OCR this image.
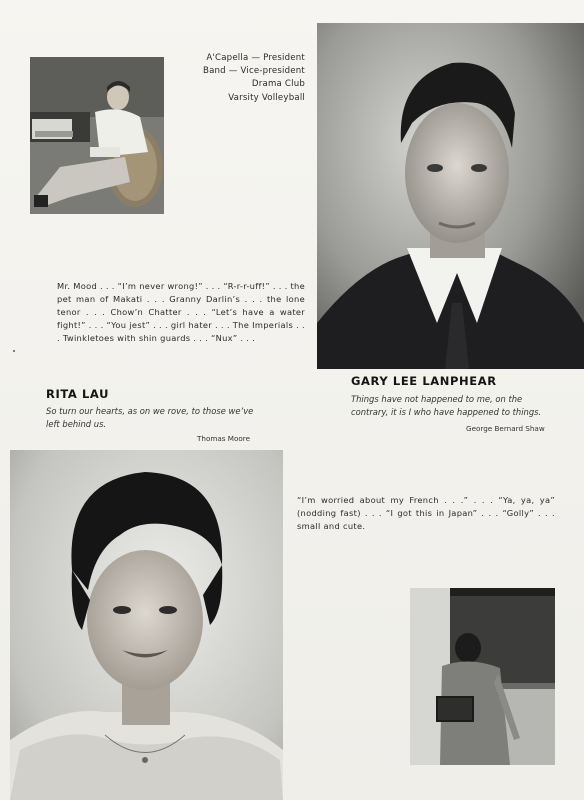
A'Capella — President
Band — Vice-president
Drama Club
Varsity Volleyball
Mr. Mood . . . “I’m never wrong!” . . . “R-r-r-uff!” . . . the pet man of Makati . . . Granny Darlin’s . . . the lone tenor . . . Chow’n Chatter . . . “Let’s have a water fight!” . . . “You jest” . . . girl hater . . . The Imperials . . . Twinkletoes with shin guards . . . “Nux” . . .
GARY LEE LANPHEAR
Things have not happened to me, on the contrary, it is I who have happened to things.
George Bernard Shaw
RITA LAU
So turn our hearts, as on we rove, to those we’ve left behind us.
Thomas Moore
“I’m worried about my French . . .” . . . “Ya, ya, ya” (nodding fast) . . . “I got this in Japan” . . . “Golly” . . . small and cute.
